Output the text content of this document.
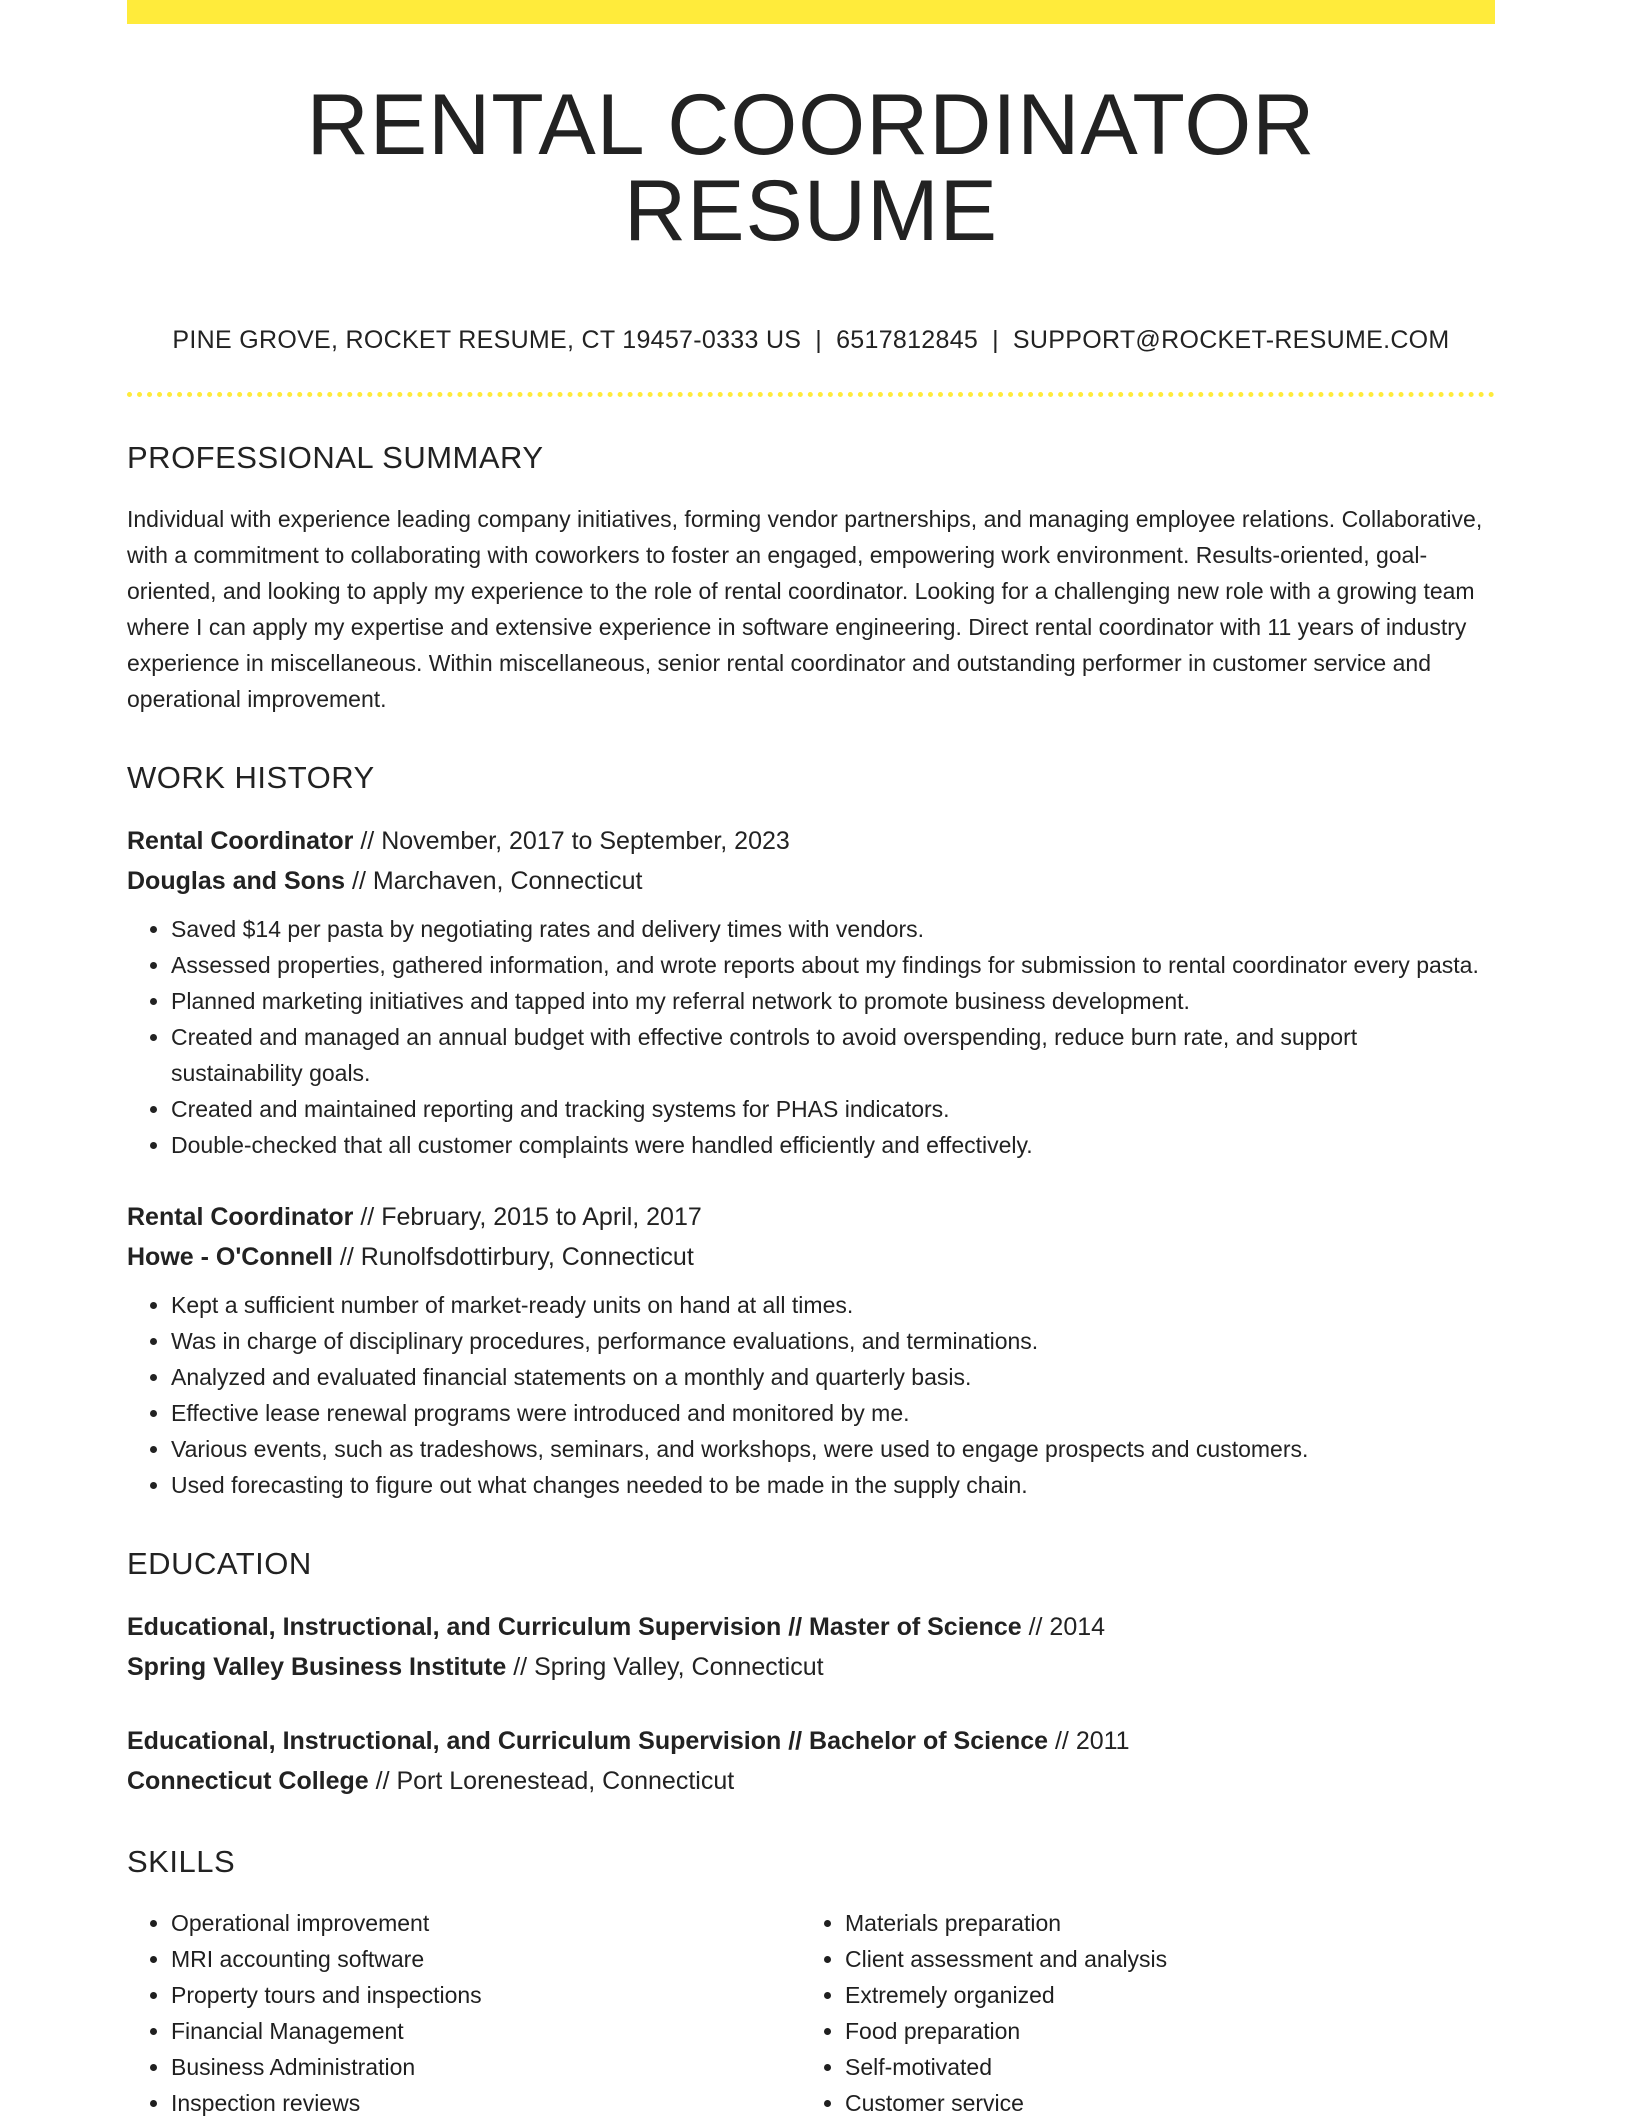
RENTAL COORDINATOR RESUME
PINE GROVE, ROCKET RESUME, CT 19457-0333 US | 6517812845 | SUPPORT@ROCKET-RESUME.COM
PROFESSIONAL SUMMARY
Individual with experience leading company initiatives, forming vendor partnerships, and managing employee relations. Collaborative, with a commitment to collaborating with coworkers to foster an engaged, empowering work environment. Results-oriented, goal-oriented, and looking to apply my experience to the role of rental coordinator. Looking for a challenging new role with a growing team where I can apply my expertise and extensive experience in software engineering. Direct rental coordinator with 11 years of industry experience in miscellaneous. Within miscellaneous, senior rental coordinator and outstanding performer in customer service and operational improvement.
WORK HISTORY
Rental Coordinator // November, 2017 to September, 2023
Douglas and Sons // Marchaven, Connecticut
• Saved $14 per pasta by negotiating rates and delivery times with vendors.
• Assessed properties, gathered information, and wrote reports about my findings for submission to rental coordinator every pasta.
• Planned marketing initiatives and tapped into my referral network to promote business development.
• Created and managed an annual budget with effective controls to avoid overspending, reduce burn rate, and support sustainability goals.
• Created and maintained reporting and tracking systems for PHAS indicators.
• Double-checked that all customer complaints were handled efficiently and effectively.
Rental Coordinator // February, 2015 to April, 2017
Howe - O'Connell // Runolfsdottirbury, Connecticut
• Kept a sufficient number of market-ready units on hand at all times.
• Was in charge of disciplinary procedures, performance evaluations, and terminations.
• Analyzed and evaluated financial statements on a monthly and quarterly basis.
• Effective lease renewal programs were introduced and monitored by me.
• Various events, such as tradeshows, seminars, and workshops, were used to engage prospects and customers.
• Used forecasting to figure out what changes needed to be made in the supply chain.
EDUCATION
Educational, Instructional, and Curriculum Supervision // Master of Science // 2014
Spring Valley Business Institute // Spring Valley, Connecticut
Educational, Instructional, and Curriculum Supervision // Bachelor of Science // 2011
Connecticut College // Port Lorenestead, Connecticut
SKILLS
• Operational improvement
• MRI accounting software
• Property tours and inspections
• Financial Management
• Business Administration
• Inspection reviews
• Materials preparation
• Client assessment and analysis
• Extremely organized
• Food preparation
• Self-motivated
• Customer service
